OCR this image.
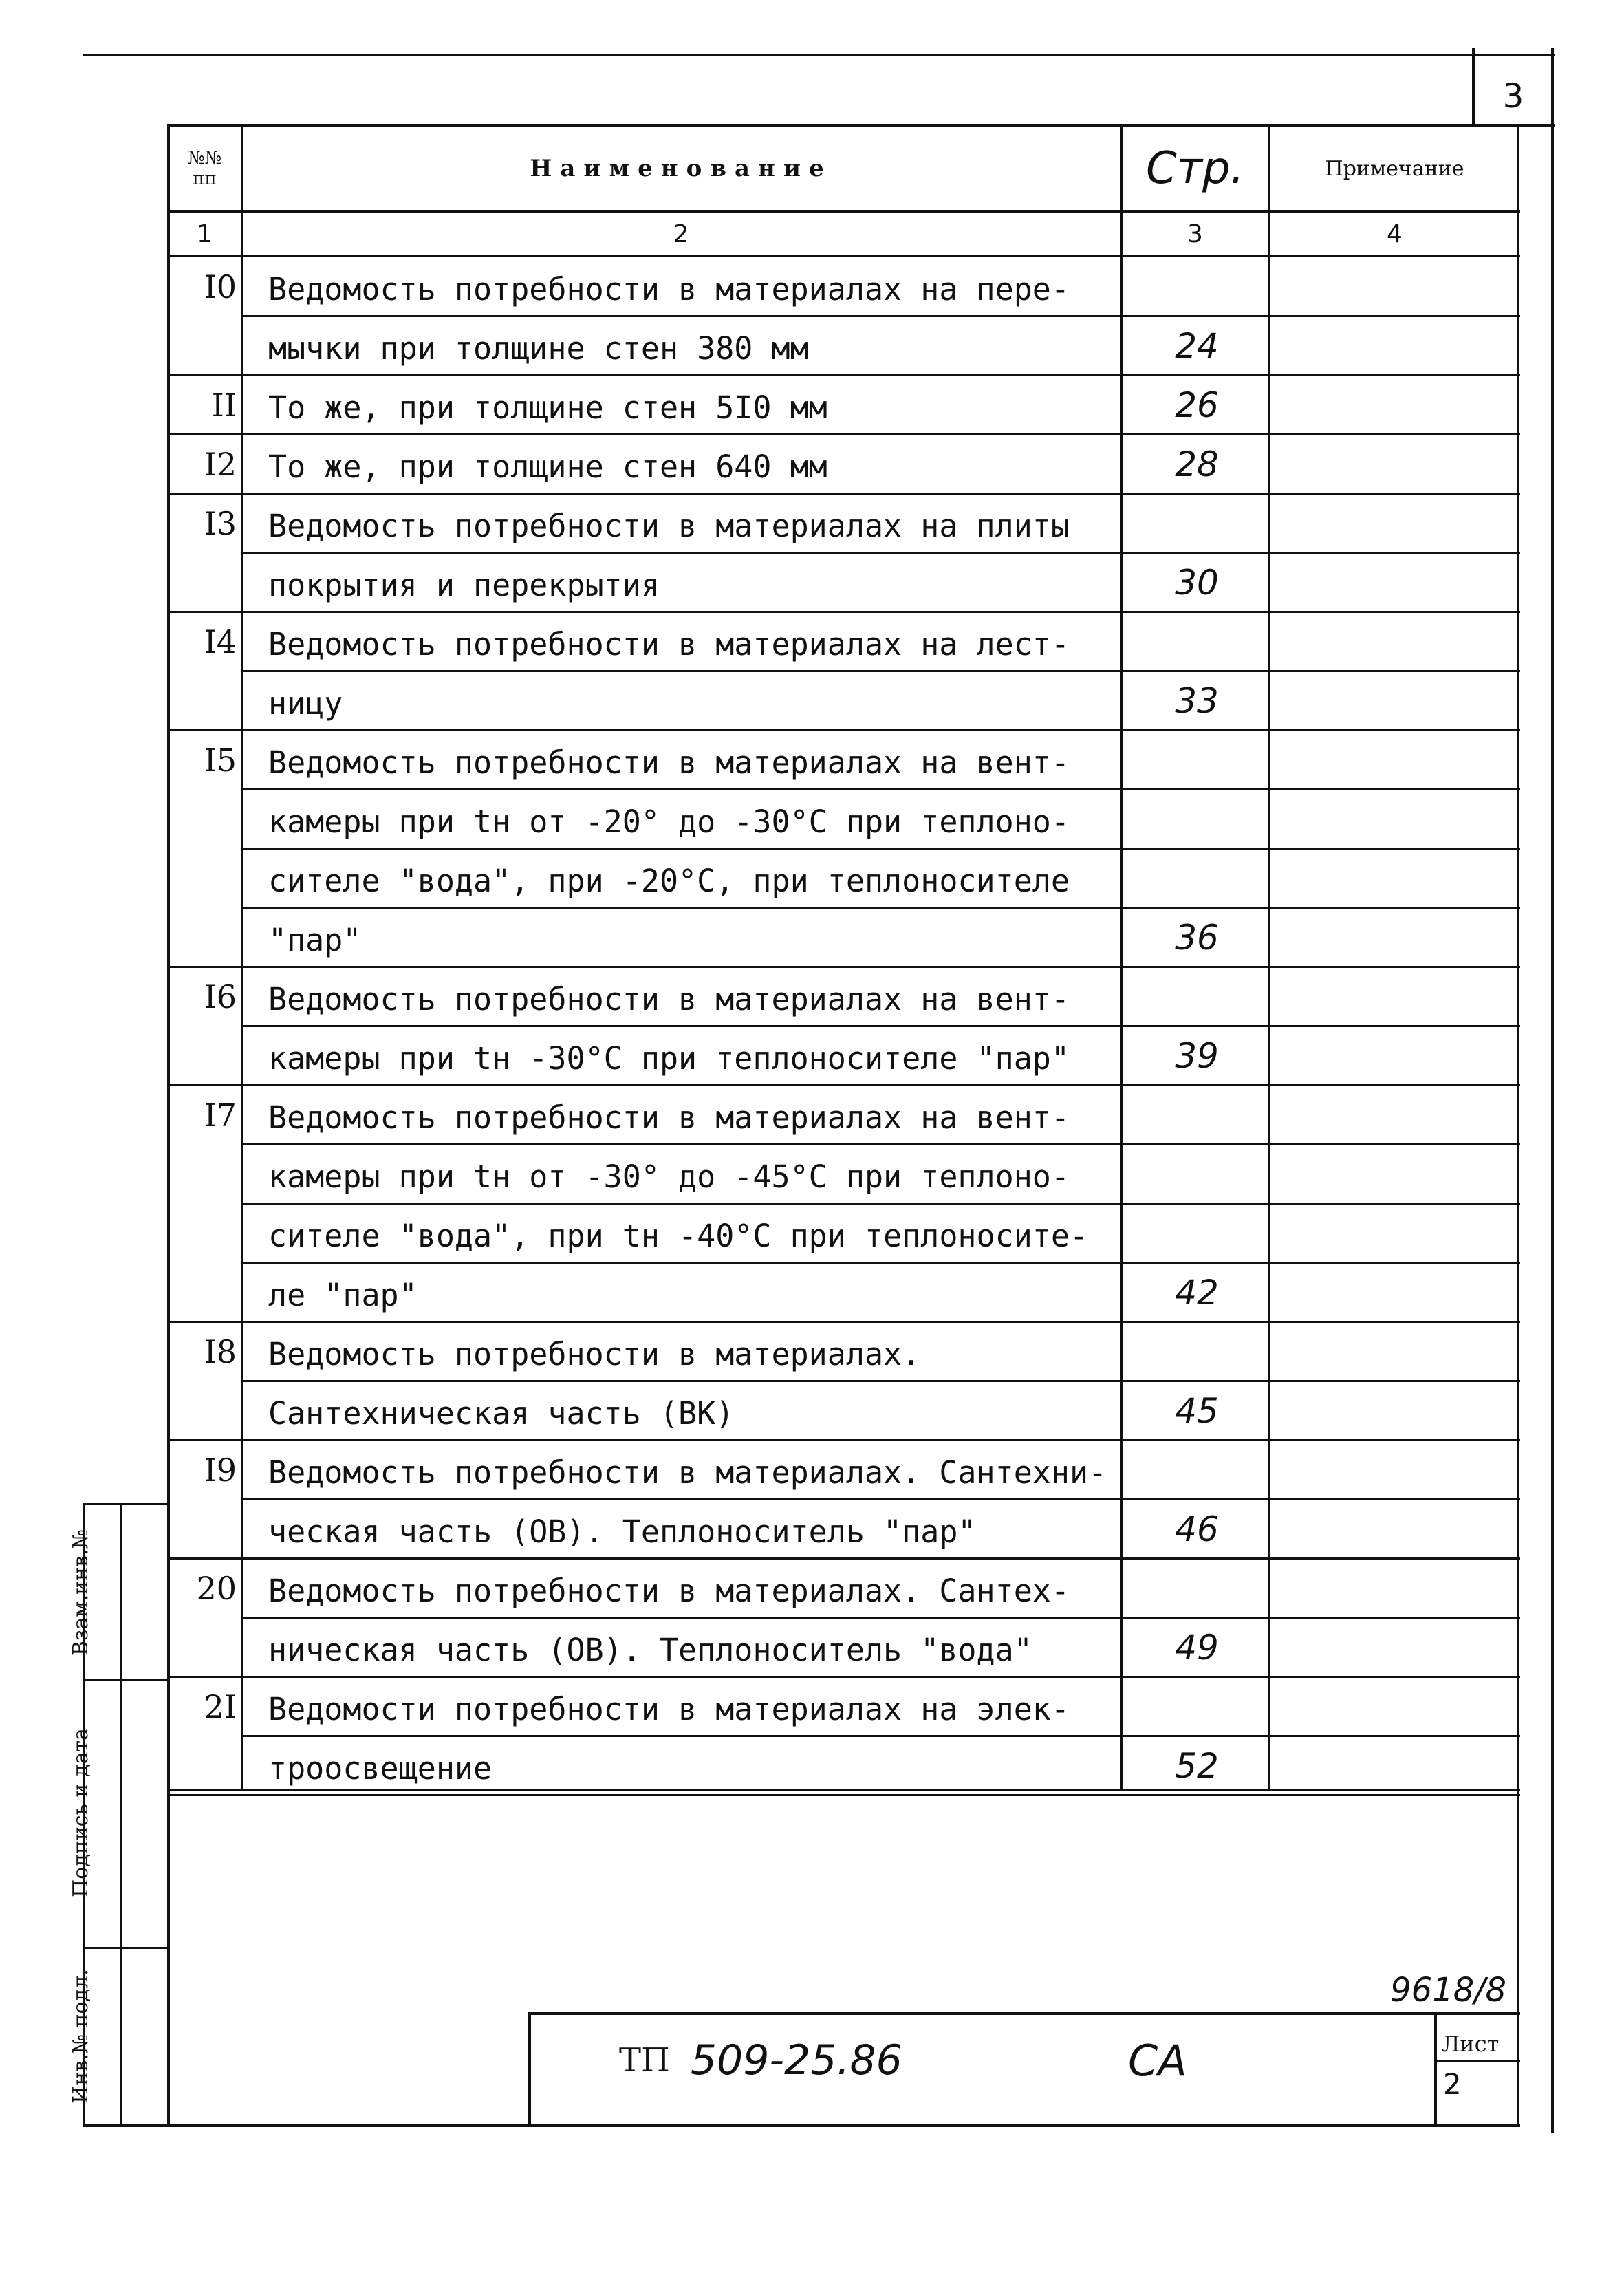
3
№№
пп	Наименование	Стр.	Примечание
1	2	3	4
I0 Ведомость потребности в материалах на пере-
мычки при толщине стен 380 мм	24
II То же, при толщине стен 5I0 мм	26
I2 То же, при толщине стен 640 мм	28
I3 Ведомость потребности в материалах на плиты
покрытия и перекрытия	30
I4 Ведомость потребности в материалах на лест-
ницу	33
I5 Ведомость потребности в материалах на вент-
камеры при tн от -20° до -30°С при теплоно-
сителе "вода", при -20°С, при теплоносителе
"пар"	36
I6 Ведомость потребности в материалах на вент-
камеры при tн -30°С при теплоносителе "пар"	39
I7 Ведомость потребности в материалах на вент-
камеры при tн от -30° до -45°С при теплоно-
сителе "вода", при tн -40°С при теплоносите-
ле "пар"	42
I8 Ведомость потребности в материалах.
Сантехническая часть (ВК)	45
I9 Ведомость потребности в материалах. Сантехни-
ческая часть (ОВ). Теплоноситель "пар"	46
20 Ведомость потребности в материалах. Сантех-
ническая часть (ОВ). Теплоноситель "вода"	49
2I Ведомости потребности в материалах на элек-
троосвещение	52
Взам.инв.№
Подпись и дата
Инв.№ подл.	9618/8
ТП 509-25.86	СА	Лист
2
